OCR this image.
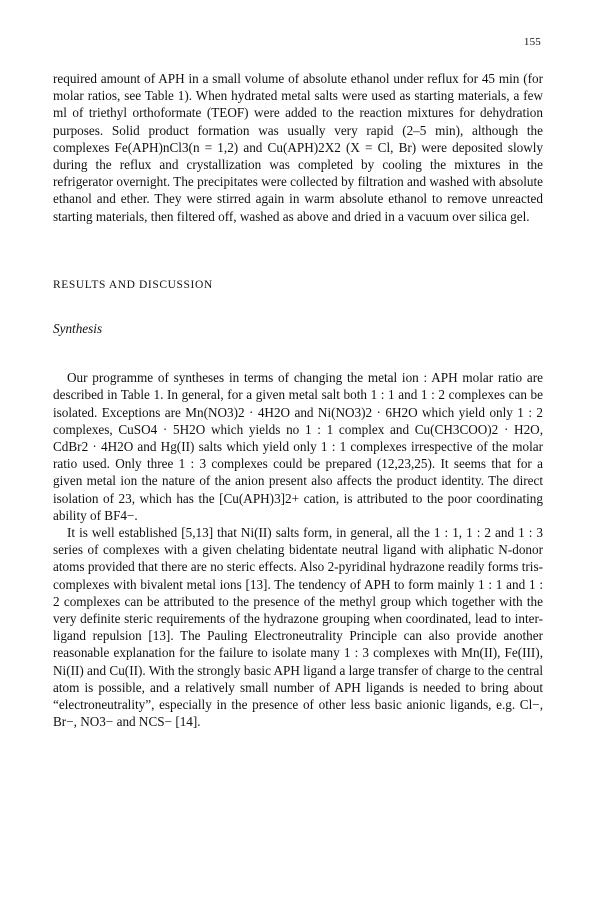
155

required amount of APH in a small volume of absolute ethanol under reflux for 45 min (for molar ratios, see Table 1). When hydrated metal salts were used as starting materials, a few ml of triethyl orthoformate (TEOF) were added to the reaction mixtures for dehydration purposes. Solid product formation was usually very rapid (2–5 min), although the complexes Fe(APH)nCl3(n = 1,2) and Cu(APH)2X2 (X = Cl, Br) were deposited slowly during the reflux and crystallization was completed by cooling the mixtures in the refrigerator overnight. The precipitates were collected by filtration and washed with absolute ethanol and ether. They were stirred again in warm absolute ethanol to remove unreacted starting materials, then filtered off, washed as above and dried in a vacuum over silica gel.

RESULTS AND DISCUSSION
Synthesis

Our programme of syntheses in terms of changing the metal ion : APH molar ratio are described in Table 1. In general, for a given metal salt both 1 : 1 and 1 : 2 complexes can be isolated. Exceptions are Mn(NO3)2 · 4H2O and Ni(NO3)2 · 6H2O which yield only 1 : 2 complexes, CuSO4 · 5H2O which yields no 1 : 1 complex and Cu(CH3COO)2 · H2O, CdBr2 · 4H2O and Hg(II) salts which yield only 1 : 1 complexes irrespective of the molar ratio used. Only three 1 : 3 complexes could be prepared (12,23,25). It seems that for a given metal ion the nature of the anion present also affects the product identity. The direct isolation of 23, which has the [Cu(APH)3]2+ cation, is attributed to the poor coordinating ability of BF4−.

It is well established [5,13] that Ni(II) salts form, in general, all the 1 : 1, 1 : 2 and 1 : 3 series of complexes with a given chelating bidentate neutral ligand with aliphatic N-donor atoms provided that there are no steric effects. Also 2-pyridinal hydrazone readily forms tris-complexes with bivalent metal ions [13]. The tendency of APH to form mainly 1 : 1 and 1 : 2 complexes can be attributed to the presence of the methyl group which together with the very definite steric requirements of the hydrazone grouping when coordinated, lead to inter-ligand repulsion [13]. The Pauling Electroneutrality Principle can also provide another reasonable explanation for the failure to isolate many 1 : 3 complexes with Mn(II), Fe(III), Ni(II) and Cu(II). With the strongly basic APH ligand a large transfer of charge to the central atom is possible, and a relatively small number of APH ligands is needed to bring about “electroneutrality”, especially in the presence of other less basic anionic ligands, e.g. Cl−, Br−, NO3− and NCS− [14].
